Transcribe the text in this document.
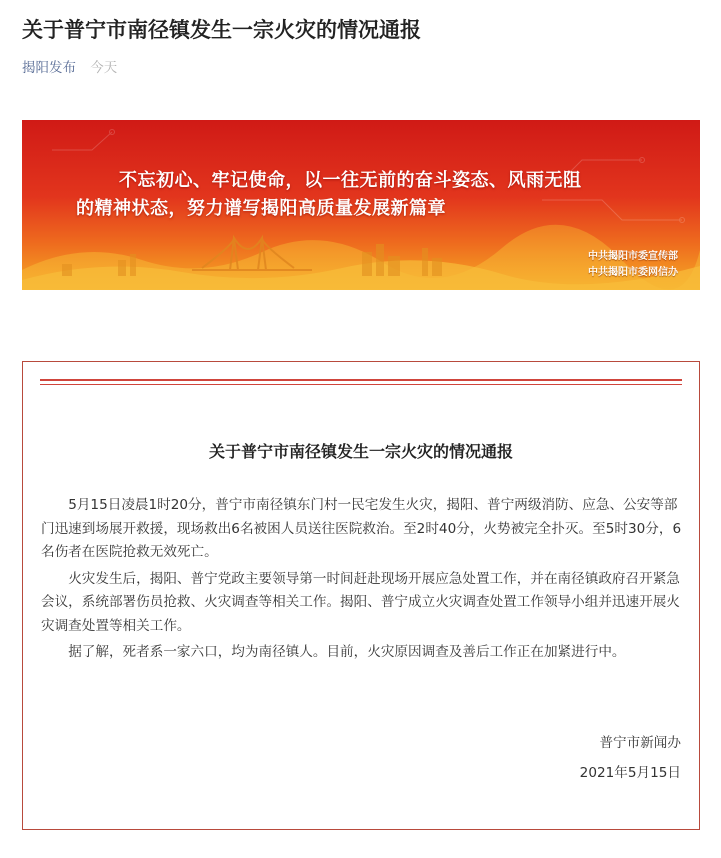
关于普宁市南径镇发生一宗火灾的情况通报
揭阳发布 今天
不忘初心、牢记使命，以一往无前的奋斗姿态、风雨无阻
的精神状态，努力谱写揭阳高质量发展新篇章
中共揭阳市委宣传部
中共揭阳市委网信办
关于普宁市南径镇发生一宗火灾的情况通报

5月15日凌晨1时20分，普宁市南径镇东门村一民宅发生火灾，揭阳、普宁两级消防、应急、公安等部门迅速到场展开救援，现场救出6名被困人员送往医院救治。至2时40分，火势被完全扑灭。至5时30分，6名伤者在医院抢救无效死亡。

火灾发生后，揭阳、普宁党政主要领导第一时间赶赴现场开展应急处置工作，并在南径镇政府召开紧急会议，系统部署伤员抢救、火灾调查等相关工作。揭阳、普宁成立火灾调查处置工作领导小组并迅速开展火灾调查处置等相关工作。

据了解，死者系一家六口，均为南径镇人。目前，火灾原因调查及善后工作正在加紧进行中。

普宁市新闻办
2021年5月15日
